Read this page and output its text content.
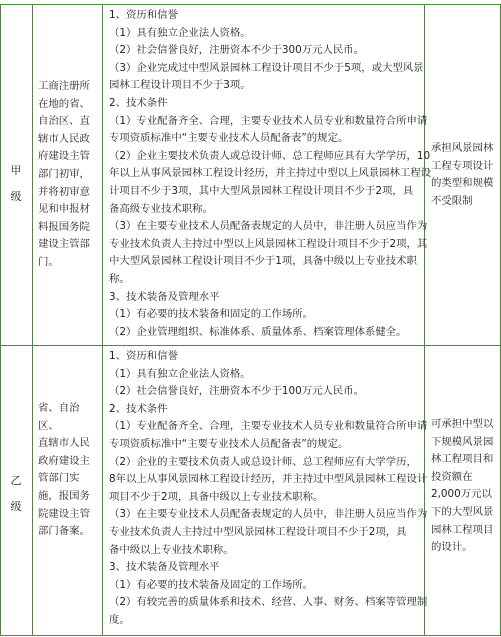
甲
级
工商注册所
在地的省、
自治区、直
辖市人民政
府建设主管
部门初审，
并将初审意
见和申报材
料报国务院
建设主管部
门。
1、资历和信誉
（1）具有独立企业法人资格。
（2）社会信誉良好，注册资本不少于300万元人民币。
（3）企业完成过中型风景园林工程设计项目不少于5项，或大型风景
园林工程设计项目不少于3项。
2、技术条件
（1）专业配备齐全、合理，主要专业技术人员专业和数量符合所申请
专项资质标准中“主要专业技术人员配备表”的规定。
（2）企业主要技术负责人或总设计师、总工程师应具有大学学历，10
年以上从事风景园林工程设计经历，并主持过中型以上风景园林工程设
计项目不少于3项，其中大型风景园林工程设计项目不少于2项，具
备高级专业技术职称。
（3）在主要专业技术人员配备表规定的人员中，非注册人员应当作为
专业技术负责人主持过中型以上风景园林工程设计项目不少于2项，其
中大型风景园林工程设计项目不少于1项，具备中级以上专业技术职
称。
3、技术装备及管理水平
（1）有必要的技术装备和固定的工作场所。
（2）企业管理组织、标准体系、质量体系、档案管理体系健全。
承担风景园林
工程专项设计
的类型和规模
不受限制
乙
级
省、自治区、
直辖市人民
政府建设主
管部门实
施，报国务
院建设主管
部门备案。
1、资历和信誉
（1）具有独立企业法人资格。
（2）社会信誉良好，注册资本不少于100万元人民币。
2、技术条件
（1）专业配备齐全、合理，主要专业技术人员专业和数量符合所申请
专项资质标准中“主要专业技术人员配备表”的规定。
（2）企业的主要技术负责人或总设计师、总工程师应有大学学历，
8年以上从事风景园林工程设计经历，并主持过中型风景园林工程设计
项目不少于2项，具备中级以上专业技术职称。
（3）在主要专业技术人员配备表规定的人员中，非注册人员应当作为
专业技术负责人主持过中型风景园林工程设计项目不少于2项，具
备中级以上专业技术职称。
3、技术装备及管理水平
（1）有必要的技术装备及固定的工作场所。
（2）有较完善的质量体系和技术、经营、人事、财务、档案等管理制
度。
可承担中型以
下规模风景园
林工程项目和
投资额在
2,000万元以
下的大型风景
园林工程项目
的设计。
